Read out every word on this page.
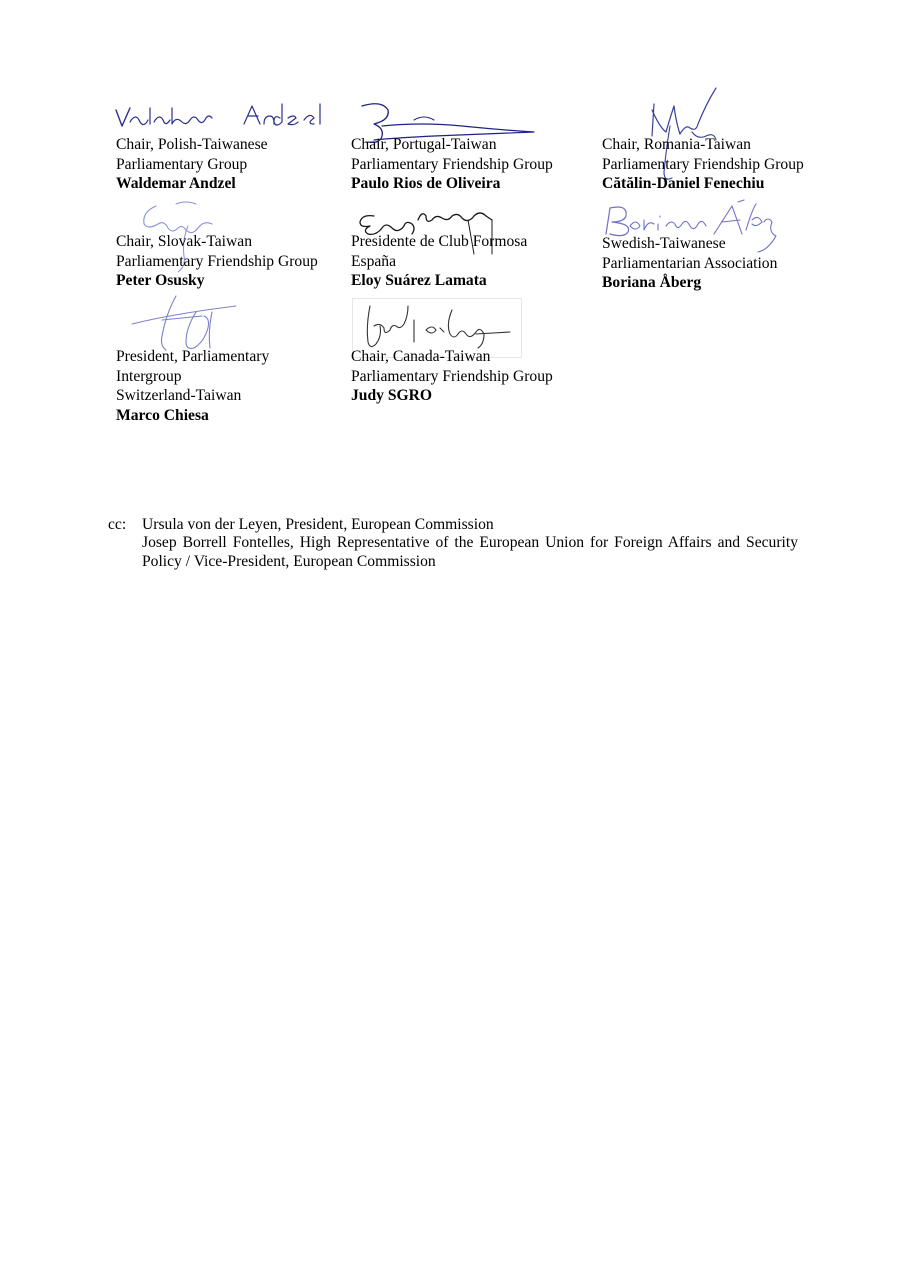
Chair, Polish-Taiwanese
Parliamentary Group
Waldemar Andzel
Chair, Portugal-Taiwan
Parliamentary Friendship Group
Paulo Rios de Oliveira
Chair, Romania-Taiwan
Parliamentary Friendship Group
Cătălin-Daniel Fenechiu
Chair, Slovak-Taiwan
Parliamentary Friendship Group
Peter Osusky
Presidente de Club Formosa
España
Eloy Suárez Lamata
Swedish-Taiwanese
Parliamentarian Association
Boriana Åberg
President, Parliamentary
Intergroup
Switzerland-Taiwan
Marco Chiesa
Chair, Canada-Taiwan
Parliamentary Friendship Group
Judy SGRO
cc: Ursula von der Leyen, President, European Commission
Josep Borrell Fontelles, High Representative of the European Union for Foreign Affairs and Security Policy / Vice-President, European Commission
